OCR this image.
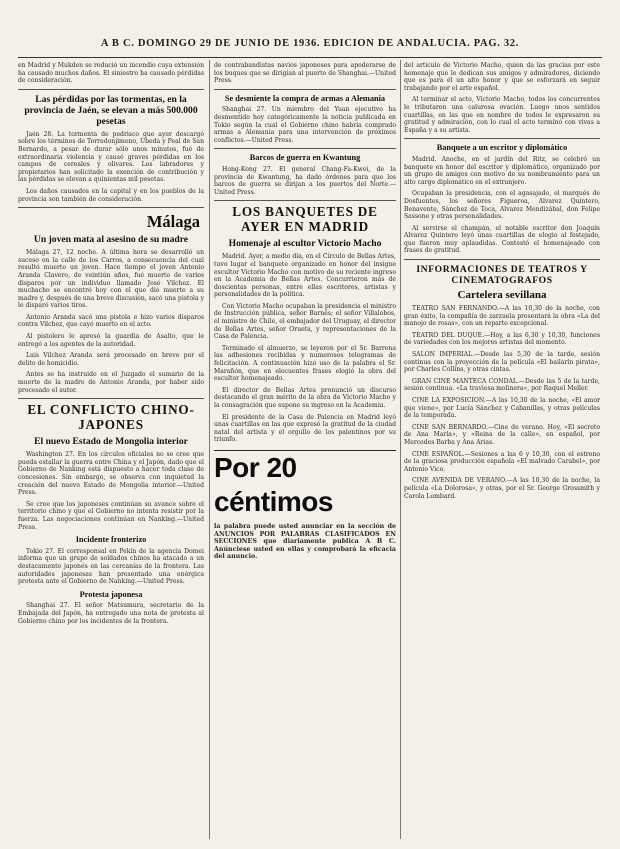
A B C. DOMINGO 29 DE JUNIO DE 1936. EDICION DE ANDALUCIA. PAG. 32.

en Madrid y Mukden se redució un incendio cuya extensión ha causado muchos daños. El siniestro ha causado pérdidas de consideración.

Las pérdidas por las tormentas, en la provincia de Jaén, se elevan a más 500.000 pesetas

Jaén 28. La tormenta de pedrisco que ayer descargó sobre los términos de Torredonjimeno, Úbeda y Peal de San Bernardo, a pesar de durar sólo unos minutos, fué de extraordinaria violencia y causó graves pérdidas en los campos de cereales y olivares. Los labradores y propietarios han solicitado la exención de contribución y las pérdidas se elevan a quinientas mil pesetas.

Los daños causados en la capital y en los pueblos de la provincia son también de consideración.

Málaga
Un joven mata al asesino de su madre

Málaga 27, 12 noche. A última hora se desarrolló un suceso en la calle de los Carros, a consecuencia del cual resultó muerto un joven. Hace tiempo el joven Antonio Aranda Clavero, de veintiún años, fué muerto de varios disparos por un individuo llamado José Vilchez. El muchacho se encontró hoy con el que dió muerte a su madre y, después de una breve discusión, sacó una pistola y le disparó varios tiros.

Antonio Aranda sacó una pistola e hizo varios disparos contra Vilchez, que cayó muerto en el acto.

Al pistolero le apresó la guardia de Asalto, que le entregó a los agentes de la autoridad.

Luis Vilchez Aranda será procesado en breve por el delito de homicidio.

Antes se ha instruido en el Juzgado el sumario de la muerte de la madre de Antonio Aranda, por haber sido procesado el autor.

EL CONFLICTO CHINO-JAPONES
El nuevo Estado de Mongolia interior

Washington 27. En los círculos oficiales no se cree que pueda estallar la guerra entre China y el Japón, dado que el Gobierno de Nanking está dispuesto a hacer toda clase de concesiones. Sin embargo, se observa con inquietud la creación del nuevo Estado de Mongolia interior.—United Press.

Se cree que los japoneses continúan su avance sobre el territorio chino y que el Gobierno no intenta resistir por la fuerza. Las negociaciones continúan en Nanking.—United Press.

Incidente fronterizo

Tokio 27. El corresponsal en Pekín de la agencia Domei informa que un grupo de soldados chinos ha atacado a un destacamento japonés en las cercanías de la frontera. Las autoridades japonesas han presentado una enérgica protesta ante el Gobierno de Nanking.—United Press.

Protesta japonesa

Shanghai 27. El señor Matsumura, secretario de la Embajada del Japón, ha entregado una nota de protesta al Gobierno chino por los incidentes de la frontera.

de contrabandistas navios japoneses para apoderarse de los buques que se dirigían al puerto de Shanghai.—United Press.

Se desmiente la compra de armas a Alemania

Shanghai 27. Un miembro del Yuan ejecutivo ha desmentido hoy categóricamente la noticia publicada en Tokio según la cual el Gobierno chino habría comprado armas a Alemania para una intervención de próximos conflictos.—United Press.

Barcos de guerra en Kwantung

Hong-Kong 27. El general Chang-Fa-Kwei, de la provincia de Kwantung, ha dado órdenes para que los barcos de guerra se dirijan a los puertos del Norte.—United Press.

LOS BANQUETES DE AYER EN MADRID
Homenaje al escultor Victorio Macho

Madrid. Ayer, a medio día, en el Círculo de Bellas Artes, tuvo lugar el banquete organizado en honor del insigne escultor Victorio Macho con motivo de su reciente ingreso en la Academia de Bellas Artes. Concurrieron más de doscientas personas, entre ellas escritores, artistas y personalidades de la política.

Con Victorio Macho ocupaban la presidencia el ministro de Instrucción pública, señor Barnés; el señor Villalobos, el ministro de Chile, el embajador del Uruguay, el director de Bellas Artes, señor Orueta, y representaciones de la Casa de Palencia.

Terminado el almuerzo, se leyeron por el Sr. Barrena las adhesiones recibidas y numerosos telegramas de felicitación. A continuación hizo uso de la palabra el Sr. Marañón, que en elocuentes frases elogió la obra del escultor homenajeado.

El director de Bellas Artes pronunció un discurso destacando el gran mérito de la obra de Victorio Macho y la consagración que supone su ingreso en la Academia.

El presidente de la Casa de Palencia en Madrid leyó unas cuartillas en las que expresó la gratitud de la ciudad natal del artista y el orgullo de los palentinos por su triunfo.

Por 20 céntimos

la palabra puede usted anunciar en la sección de ANUNCIOS POR PALABRAS CLASIFICADOS EN SECCIONES que diariamente publica A B C. Anúnciese usted en ellas y comprobará la eficacia del anuncio.

del artículo de Victorio Macho, quien da las gracias por este homenaje que le dedican sus amigos y admiradores, diciendo que es para él un alto honor y que se esforzará en seguir trabajando por el arte español.

Al terminar el acto, Victorio Macho, todos los concurrentes le tributaron una calurosa ovación. Luego unos sentidos cuartillas, en las que en nombre de todos le expresaron su gratitud y admiración, con lo cual el acto terminó con vivas a España y a su artista.

Banquete a un escritor y diplomático

Madrid. Anoche, en el jardín del Ritz, se celebró un banquete en honor del escritor y diplomático, organizado por un grupo de amigos con motivo de su nombramiento para un alto cargo diplomático en el extranjero.

Ocupaban la presidencia, con el agasajado, el marqués de Dosfuentes, los señores Figueroa, Alvarez Quintero, Benavente, Sánchez de Toca, Alvarez Mendizábal, don Felipe Sassone y otras personalidades.

Al servirse el champán, el notable escritor don Joaquín Alvarez Quintero leyó unas cuartillas de elogio al festejado, que fueron muy aplaudidas. Contestó el homenajeado con frases de gratitud.

INFORMACIONES DE TEATROS Y CINEMATOGRAFOS
Cartelera sevillana

TEATRO SAN FERNANDO.—A las 10,30 de la noche, con gran éxito, la compañía de zarzuela presentará la obra «La del manojo de rosas», con un reparto excepcional.

TEATRO DEL DUQUE.—Hoy, a las 6,30 y 10,30, funciones de variedades con los mejores artistas del momento.

SALON IMPERIAL.—Desde las 5,30 de la tarde, sesión continua con la proyección de la película «El bailarín pirata», por Charles Collins, y otras cintas.

GRAN CINE MANTECA CONDAL.—Desde las 5 de la tarde, sesión continua. «La traviesa molinera», por Raquel Meller.

CINE LA EXPOSICION.—A las 10,30 de la noche, «El amor que viene», por Lucía Sánchez y Cabanillas, y otras películas de la temporada.

CINE SAN BERNARDO.—Cine de verano. Hoy, «El secreto de Ana María», y «Reina de la calle», en español, por Mercedes Barba y Ana Arias.

CINE ESPAÑOL.—Sesiones a las 6 y 10,30, con el estreno de la graciosa producción española «El malvado Carabel», por Antonio Vico.

CINE AVENIDA DE VERANO.—A las 10,30 de la noche, la película «La Dolorosa», y otras, por el Sr. George Grossmith y Carola Lombard.
